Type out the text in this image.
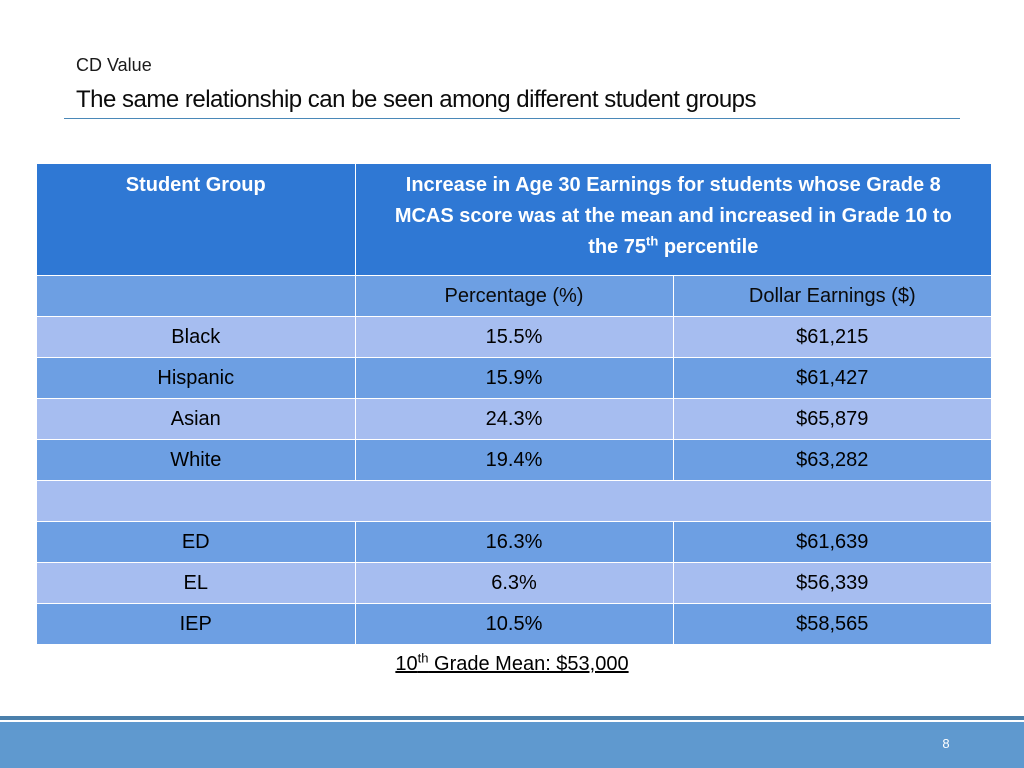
CD Value
The same relationship can be seen among different student groups
Student Group	Increase in Age 30 Earnings for students whose Grade 8
MCAS score was at the mean and increased in Grade 10 to
the 75th percentile	
	Percentage (%)	Dollar Earnings ($)
Black	15.5%	$61,215
Hispanic	15.9%	$61,427
Asian	24.3%	$65,879
White	19.4%	$63,282

ED	16.3%	$61,639
EL	6.3%	$56,339
IEP	10.5%	$58,565
10th Grade Mean: $53,000
8
